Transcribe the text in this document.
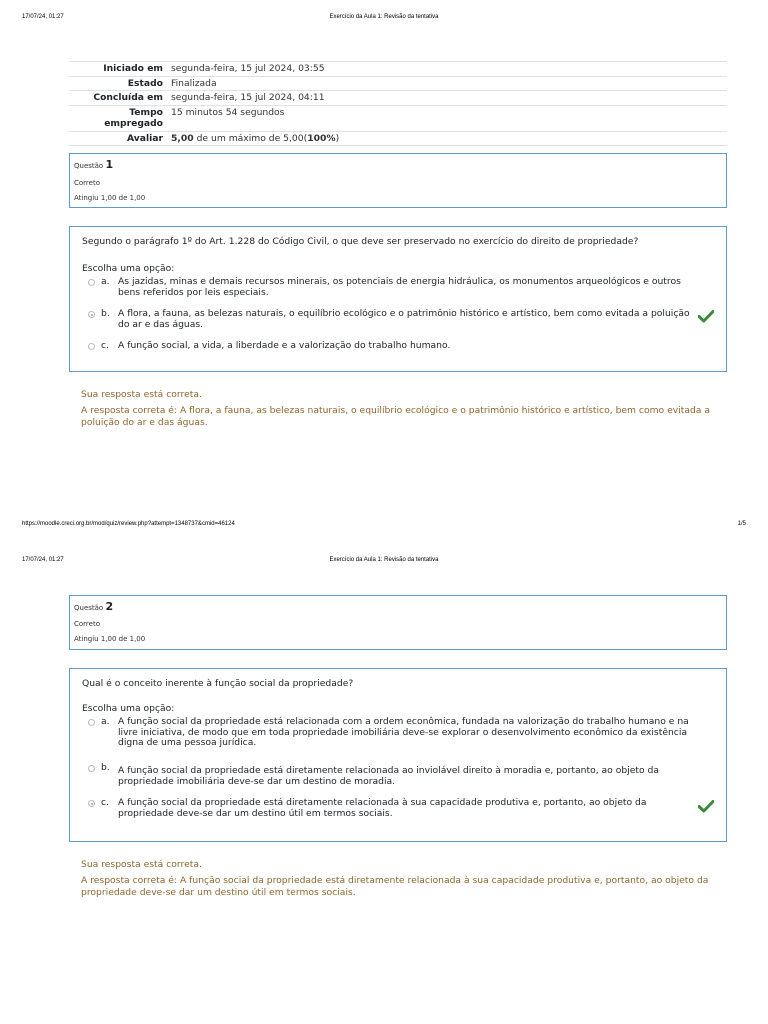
17/07/24, 01:27	Exercício da Aula 1: Revisão da tentativa
Iniciado em	segunda-feira, 15 jul 2024, 03:55
Estado	Finalizada
Concluída em	segunda-feira, 15 jul 2024, 04:11
Tempo empregado	15 minutos 54 segundos
Avaliar	5,00 de um máximo de 5,00(100%)
Questão 1
Correto
Atingiu 1,00 de 1,00
Segundo o parágrafo 1º do Art. 1.228 do Código Civil, o que deve ser preservado no exercício do direito de propriedade?
Escolha uma opção:
a. As jazidas, minas e demais recursos minerais, os potenciais de energia hidráulica, os monumentos arqueológicos e outros bens referidos por leis especiais.
b. A flora, a fauna, as belezas naturais, o equilíbrio ecológico e o patrimônio histórico e artístico, bem como evitada a poluição do ar e das águas.
c. A função social, a vida, a liberdade e a valorização do trabalho humano.
Sua resposta está correta.
A resposta correta é: A flora, a fauna, as belezas naturais, o equilíbrio ecológico e o patrimônio histórico e artístico, bem como evitada a poluição do ar e das águas.
https://moodle.creci.org.br/mod/quiz/review.php?attempt=1348737&cmid=46124	1/5
17/07/24, 01:27	Exercício da Aula 1: Revisão da tentativa
Questão 2
Correto
Atingiu 1,00 de 1,00
Qual é o conceito inerente à função social da propriedade?
Escolha uma opção:
a. A função social da propriedade está relacionada com a ordem econômica, fundada na valorização do trabalho humano e na livre iniciativa, de modo que em toda propriedade imobiliária deve-se explorar o desenvolvimento econômico da existência digna de uma pessoa jurídica.
b. A função social da propriedade está diretamente relacionada ao inviolável direito à moradia e, portanto, ao objeto da propriedade imobiliária deve-se dar um destino de moradia.
c. A função social da propriedade está diretamente relacionada à sua capacidade produtiva e, portanto, ao objeto da propriedade deve-se dar um destino útil em termos sociais.
Sua resposta está correta.
A resposta correta é: A função social da propriedade está diretamente relacionada à sua capacidade produtiva e, portanto, ao objeto da propriedade deve-se dar um destino útil em termos sociais.
